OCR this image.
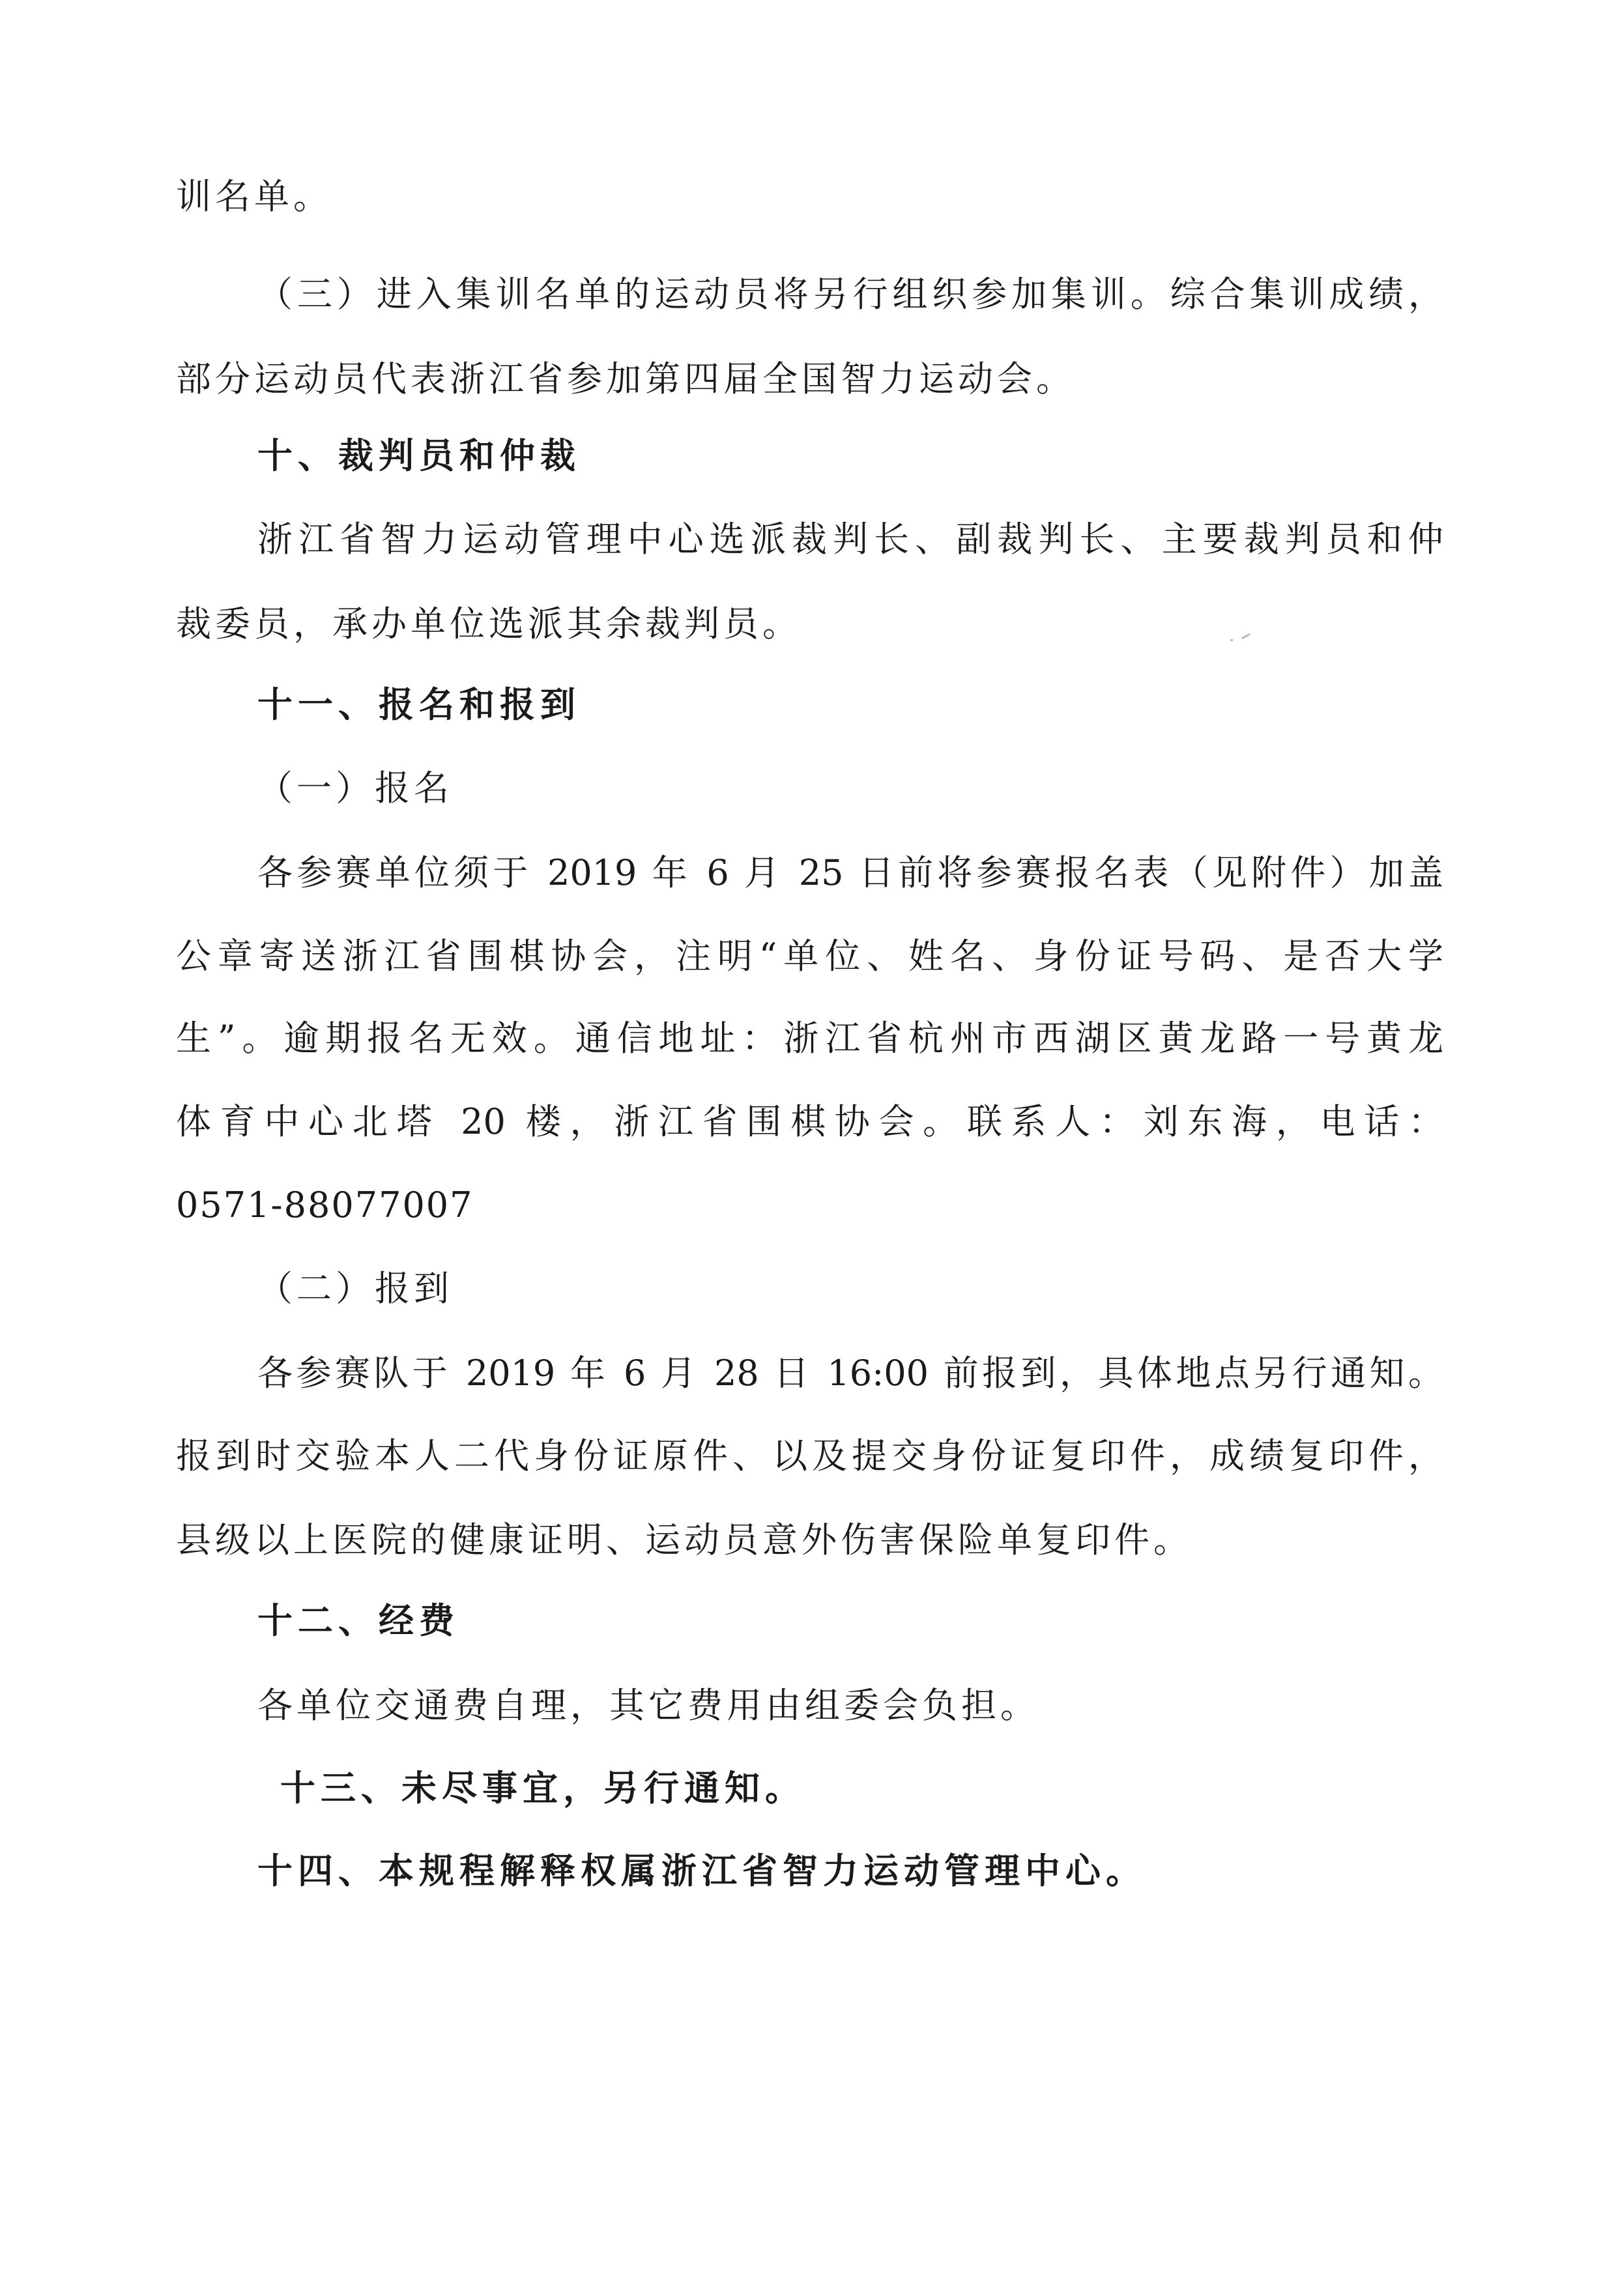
训名单。
（三）进入集训名单的运动员将另行组织参加集训。综合集训成绩，
部分运动员代表浙江省参加第四届全国智力运动会。
十、裁判员和仲裁
浙江省智力运动管理中心选派裁判长、副裁判长、主要裁判员和仲
裁委员，承办单位选派其余裁判员。
十一、报名和报到
（一）报名
各参赛单位须于 2019 年 6 月 25 日前将参赛报名表（见附件）加盖
公章寄送浙江省围棋协会，注明“单位、姓名、身份证号码、是否大学
生”。逾期报名无效。通信地址：浙江省杭州市西湖区黄龙路一号黄龙
体育中心北塔 20 楼，浙江省围棋协会。联系人：刘东海，电话：
0571-88077007
（二）报到
各参赛队于 2019 年 6 月 28 日 16:00 前报到，具体地点另行通知。
报到时交验本人二代身份证原件、以及提交身份证复印件，成绩复印件，
县级以上医院的健康证明、运动员意外伤害保险单复印件。
十二、经费
各单位交通费自理，其它费用由组委会负担。
十三、未尽事宜，另行通知。
十四、本规程解释权属浙江省智力运动管理中心。
